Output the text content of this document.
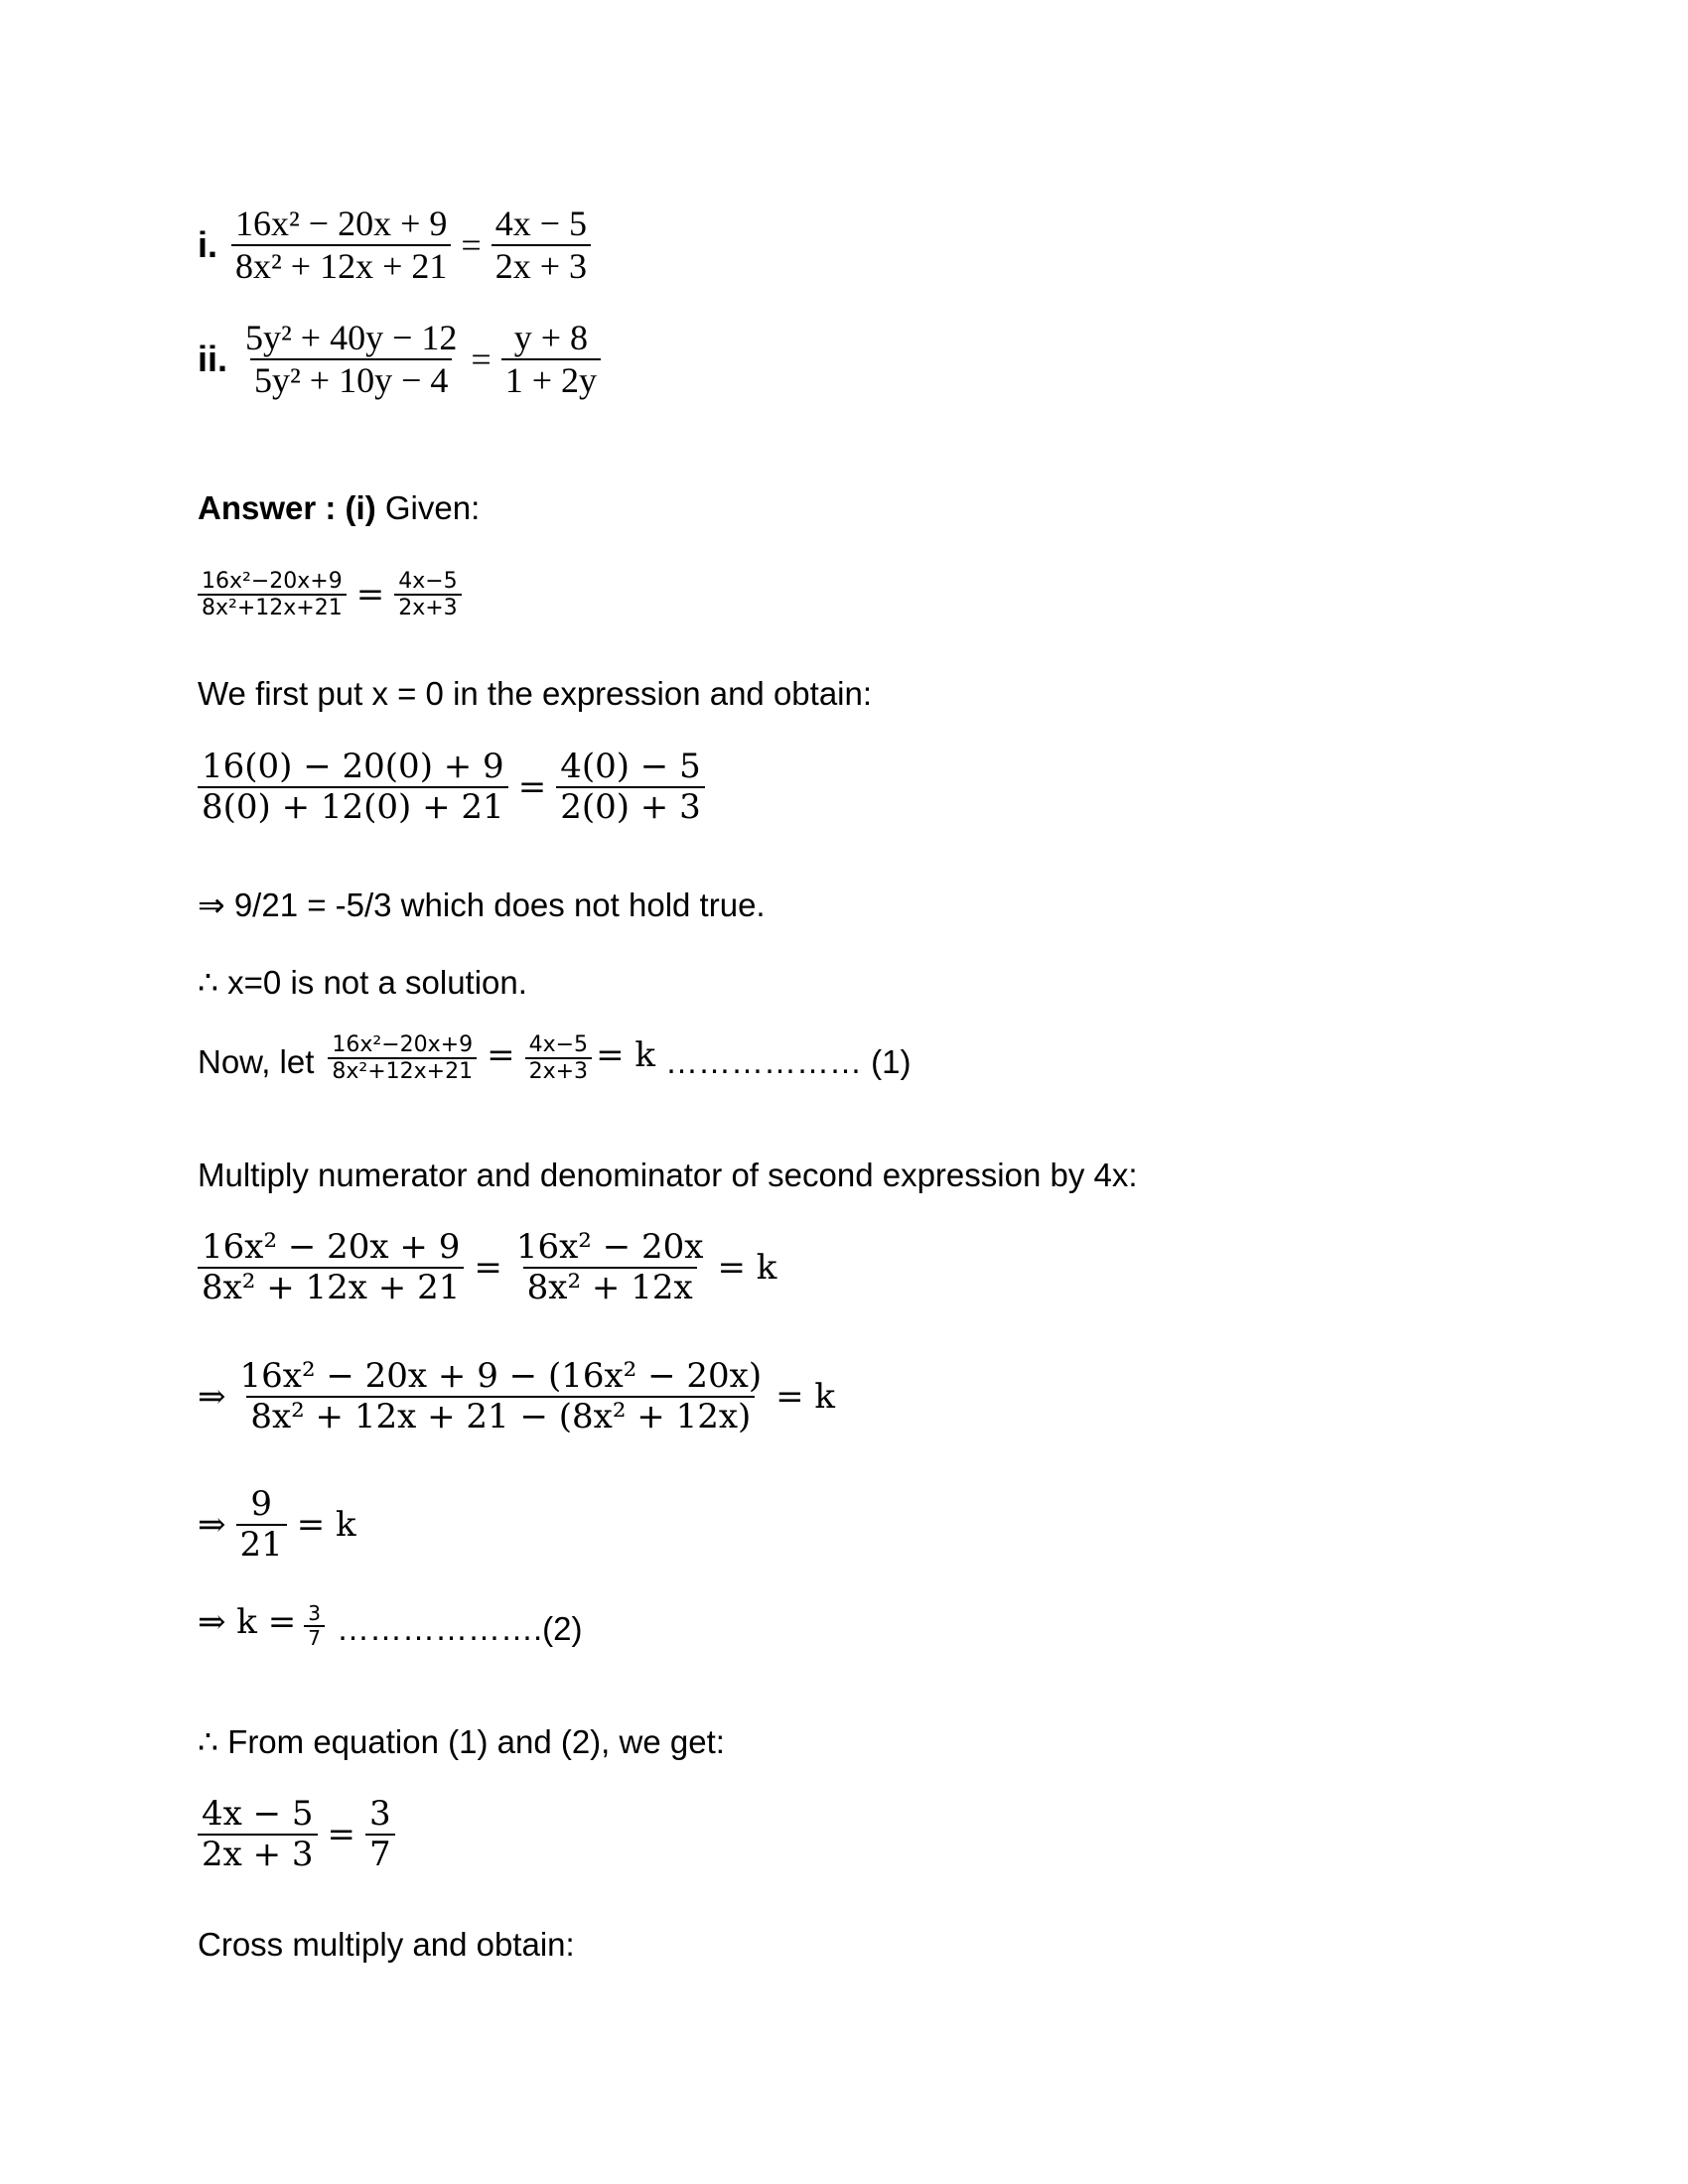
i. $\frac{\text{16x² − 20x + 9}}{\text{8x² + 12x + 21}} = \frac{4x - 5}{2x + 3}$
ii. $\frac{\text{5y² + 40y − 12}}{\text{5y² + 10y − 4}} = \frac{y + 8}{1 + 2y}$
Answer : (i) Given:
$\frac{\text{16x²−20x+9}}{\text{8x²+12x+21}} = \frac{4x-5}{2x+3}$
We first put x = 0 in the expression and obtain:
$\frac{16(0) - 20(0) + 9}{8(0) + 12(0) + 21} = \frac{4(0) - 5}{2(0) + 3}$
⇒ 9/21 = -5/3 which does not hold true.
∴ x=0 is not a solution.
Now, let $\frac{\text{16x²−20x+9}}{\text{8x²+12x+21}} = \frac{4x-5}{2x+3} = k$ ……………… (1)
Multiply numerator and denominator of second expression by 4x:
$\frac{\text{16x² − 20x + 9}}{\text{8x² + 12x + 21}} = \frac{\text{16x² − 20x}}{\text{8x² + 12x}} = k$
⇒ $\frac{\text{16x² − 20x + 9 − (16x² − 20x)}}{\text{8x² + 12x + 21 − (8x² + 12x)}} = k$
⇒ $\frac{9}{21} = k$
⇒ $k = \frac{3}{7}$ ……………….(2)
∴ From equation (1) and (2), we get:
$\frac{4x - 5}{2x + 3} = \frac{3}{7}$
Cross multiply and obtain:
